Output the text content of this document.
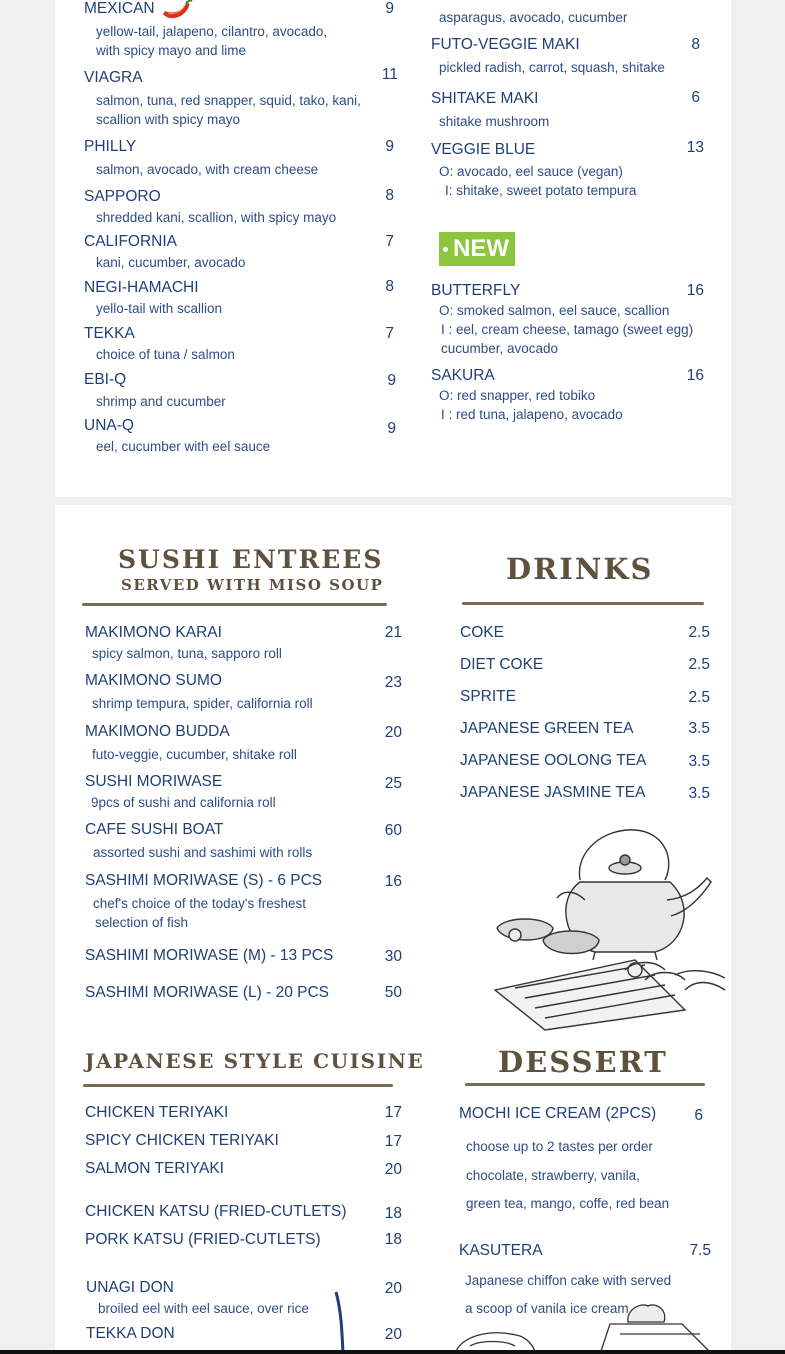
MEXICAN	9
yellow-tail, jalapeno, cilantro, avocado,
with spicy mayo and lime
VIAGRA	11
salmon, tuna, red snapper, squid, tako, kani,
scallion with spicy mayo
PHILLY	9
salmon, avocado, with cream cheese
SAPPORO	8
shredded kani, scallion, with spicy mayo
CALIFORNIA	7
kani, cucumber, avocado
NEGI-HAMACHI	8
yello-tail with scallion
TEKKA	7
choice of tuna / salmon
EBI-Q	9
shrimp and cucumber
UNA-Q	9
eel, cucumber with eel sauce
asparagus, avocado, cucumber
FUTO-VEGGIE MAKI	8
pickled radish, carrot, squash, shitake
SHITAKE MAKI	6
shitake mushroom
VEGGIE BLUE	13
O: avocado, eel sauce (vegan)
I: shitake, sweet potato tempura
NEW
BUTTERFLY	16
O: smoked salmon, eel sauce, scallion
I : eel, cream cheese, tamago (sweet egg)
cucumber, avocado
SAKURA	16
O: red snapper, red tobiko
I : red tuna, jalapeno, avocado
SUSHI ENTREES
SERVED WITH MISO SOUP	DRINKS
MAKIMONO KARAI	21
spicy salmon, tuna, sapporo roll
MAKIMONO SUMO	23
shrimp tempura, spider, california roll
MAKIMONO BUDDA	20
futo-veggie, cucumber, shitake roll
SUSHI MORIWASE	25
9pcs of sushi and california roll
CAFE SUSHI BOAT	60
assorted sushi and sashimi with rolls
SASHIMI MORIWASE (S) - 6 PCS	16
chef's choice of the today's freshest
selection of fish
SASHIMI MORIWASE (M) - 13 PCS	30
SASHIMI MORIWASE (L) - 20 PCS	50
COKE	2.5
DIET COKE	2.5
SPRITE	2.5
JAPANESE GREEN TEA	3.5
JAPANESE OOLONG TEA	3.5
JAPANESE JASMINE TEA	3.5
JAPANESE STYLE CUISINE	DESSERT
CHICKEN TERIYAKI	17
SPICY CHICKEN TERIYAKI	17
SALMON TERIYAKI	20
CHICKEN KATSU (FRIED-CUTLETS)	18
PORK KATSU (FRIED-CUTLETS)	18
UNAGI DON	20
broiled eel with eel sauce, over rice
TEKKA DON	20
MOCHI ICE CREAM (2PCS)	6
choose up to 2 tastes per order
chocolate, strawberry, vanila,
green tea, mango, coffe, red bean
KASUTERA	7.5
Japanese chiffon cake with served
a scoop of vanila ice cream
